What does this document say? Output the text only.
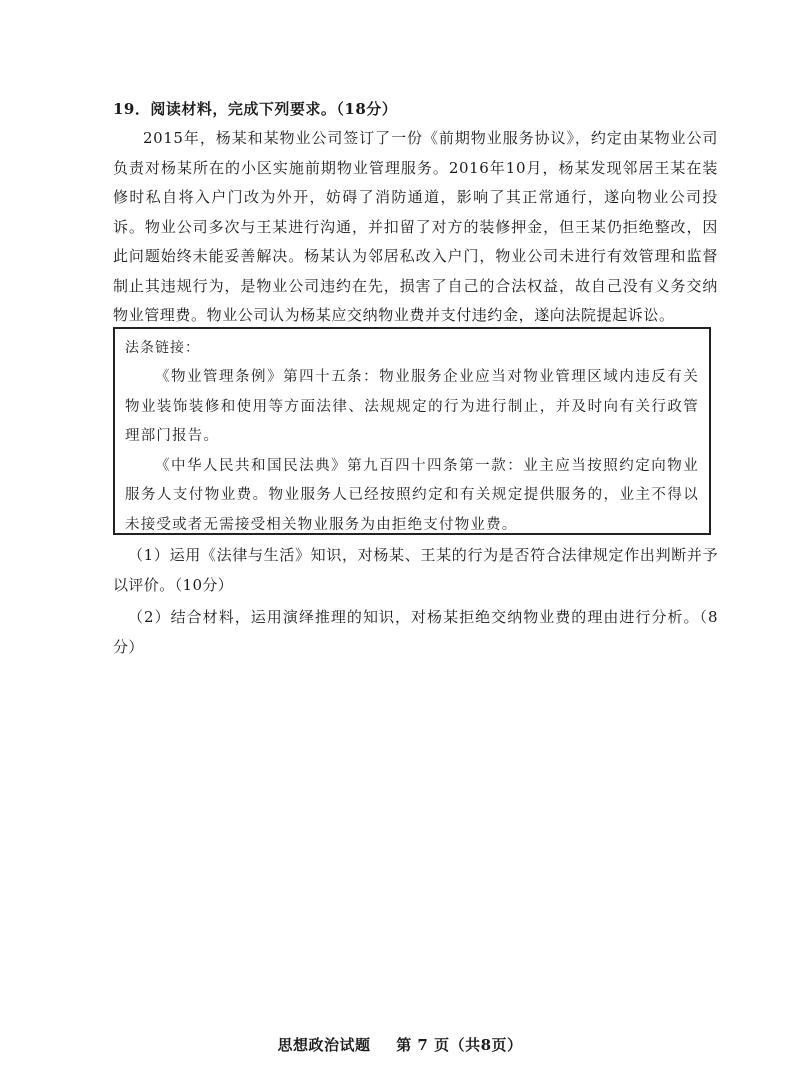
19．阅读材料，完成下列要求。（18分）

2015年，杨某和某物业公司签订了一份《前期物业服务协议》，约定由某物业公司负责对杨某所在的小区实施前期物业管理服务。2016年10月，杨某发现邻居王某在装修时私自将入户门改为外开，妨碍了消防通道，影响了其正常通行，遂向物业公司投诉。物业公司多次与王某进行沟通，并扣留了对方的装修押金，但王某仍拒绝整改，因此问题始终未能妥善解决。杨某认为邻居私改入户门，物业公司未进行有效管理和监督制止其违规行为，是物业公司违约在先，损害了自己的合法权益，故自己没有义务交纳物业管理费。物业公司认为杨某应交纳物业费并支付违约金，遂向法院提起诉讼。

法条链接：

《物业管理条例》第四十五条：物业服务企业应当对物业管理区域内违反有关物业装饰装修和使用等方面法律、法规规定的行为进行制止，并及时向有关行政管理部门报告。

《中华人民共和国民法典》第九百四十四条第一款：业主应当按照约定向物业服务人支付物业费。物业服务人已经按照约定和有关规定提供服务的，业主不得以未接受或者无需接受相关物业服务为由拒绝支付物业费。

（1）运用《法律与生活》知识，对杨某、王某的行为是否符合法律规定作出判断并予以评价。（10分）

（2）结合材料，运用演绎推理的知识，对杨某拒绝交纳物业费的理由进行分析。（8分）

思想政治试题 第 7 页（共8页）
